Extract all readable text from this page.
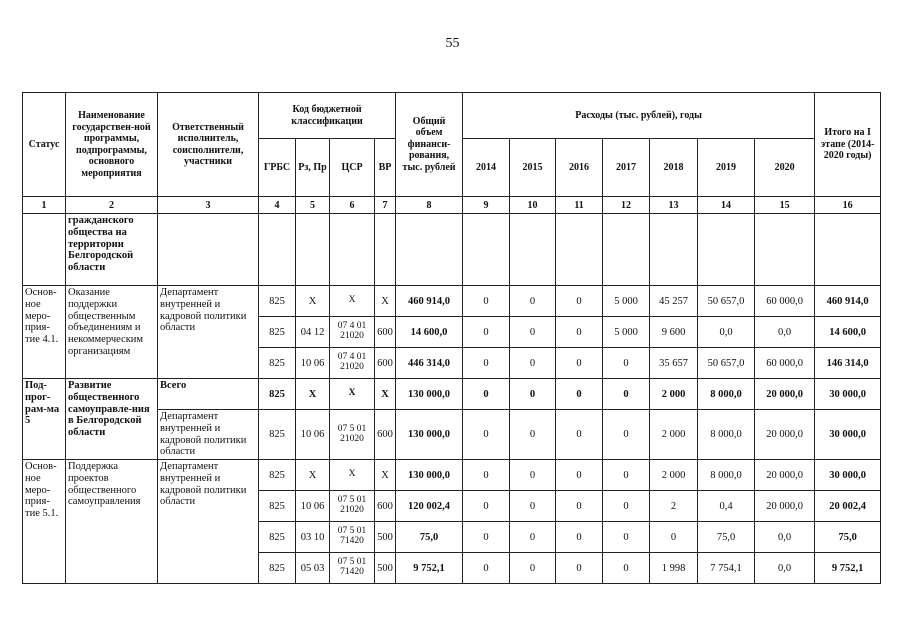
55
Статус	Наименование государствен-ной программы, подпрограммы, основного мероприятия	Ответственный исполнитель, соисполнители, участники	Код бюджетной классификации				Общий объем финанси-рования, тыс. рублей	Расходы (тыс. рублей), годы							Итого на I этапе (2014-2020 годы)
			ГРБС	Рз, Пр	ЦСР	ВР		2014	2015	2016	2017	2018	2019	2020	
1	2	3	4	5	6	7	8	9	10	11	12	13	14	15	16
	гражданского общества на территории Белгородской области														
Основ-ное меро-прия-тие 4.1.	Оказание поддержки общественным объединениям и некоммерческим организациям	Департамент внутренней и кадровой политики области	825	X	X	X	460 914,0	0	0	0	5 000	45 257	50 657,0	60 000,0	460 914,0
			825	04 12	07 4 01 21020	600	14 600,0	0	0	0	5 000	9 600	0,0	0,0	14 600,0
			825	10 06	07 4 01 21020	600	446 314,0	0	0	0	0	35 657	50 657,0	60 000,0	146 314,0
Под-прог-рам-ма 5	Развитие общественного самоуправле-ния в Белгородской области	Всего	825	X	X	X	130 000,0	0	0	0	0	2 000	8 000,0	20 000,0	30 000,0
		Департамент внутренней и кадровой политики области	825	10 06	07 5 01 21020	600	130 000,0	0	0	0	0	2 000	8 000,0	20 000,0	30 000,0
Основ-ное меро-прия-тие 5.1.	Поддержка проектов общественного самоуправления	Департамент внутренней и кадровой политики области	825	X	X	X	130 000,0	0	0	0	0	2 000	8 000,0	20 000,0	30 000,0
			825	10 06	07 5 01 21020	600	120 002,4	0	0	0	0	2	0,4	20 000,0	20 002,4
			825	03 10	07 5 01 71420	500	75,0	0	0	0	0	0	75,0	0,0	75,0
			825	05 03	07 5 01 71420	500	9 752,1	0	0	0	0	1 998	7 754,1	0,0	9 752,1
